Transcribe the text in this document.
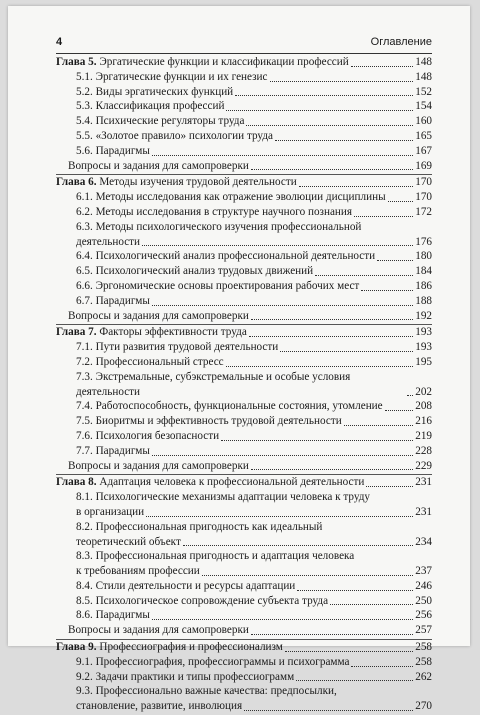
4	Оглавление
Глава 5. Эргатические функции и классификации профессий	148
5.1. Эргатические функции и их генезис	148
5.2. Виды эргатических функций	152
5.3. Классификация профессий	154
5.4. Психические регуляторы труда	160
5.5. «Золотое правило» психологии труда	165
5.6. Парадигмы	167
Вопросы и задания для самопроверки	169
Глава 6. Методы изучения трудовой деятельности	170
6.1. Методы исследования как отражение эволюции дисциплины	170
6.2. Методы исследования в структуре научного познания	172
6.3. Методы психологического изучения профессиональной
деятельности	176
6.4. Психологический анализ профессиональной деятельности	180
6.5. Психологический анализ трудовых движений	184
6.6. Эргономические основы проектирования рабочих мест	186
6.7. Парадигмы	188
Вопросы и задания для самопроверки	192
Глава 7. Факторы эффективности труда	193
7.1. Пути развития трудовой деятельности	193
7.2. Профессиональный стресс	195
7.3. Экстремальные, субэкстремальные и особые условия деятельности	202
7.4. Работоспособность, функциональные состояния, утомление	208
7.5. Биоритмы и эффективность трудовой деятельности	216
7.6. Психология безопасности	219
7.7. Парадигмы	228
Вопросы и задания для самопроверки	229
Глава 8. Адаптация человека к профессиональной деятельности	231
8.1. Психологические механизмы адаптации человека к труду
в организации	231
8.2. Профессиональная пригодность как идеальный
теоретический объект	234
8.3. Профессиональная пригодность и адаптация человека
к требованиям профессии	237
8.4. Стили деятельности и ресурсы адаптации	246
8.5. Психологическое сопровождение субъекта труда	250
8.6. Парадигмы	256
Вопросы и задания для самопроверки	257
Глава 9. Профессиография и профессионализм	258
9.1. Профессиография, профессиограммы и психограмма	258
9.2. Задачи практики и типы профессиограмм	262
9.3. Профессионально важные качества: предпосылки,
становление, развитие, инволюция	270
